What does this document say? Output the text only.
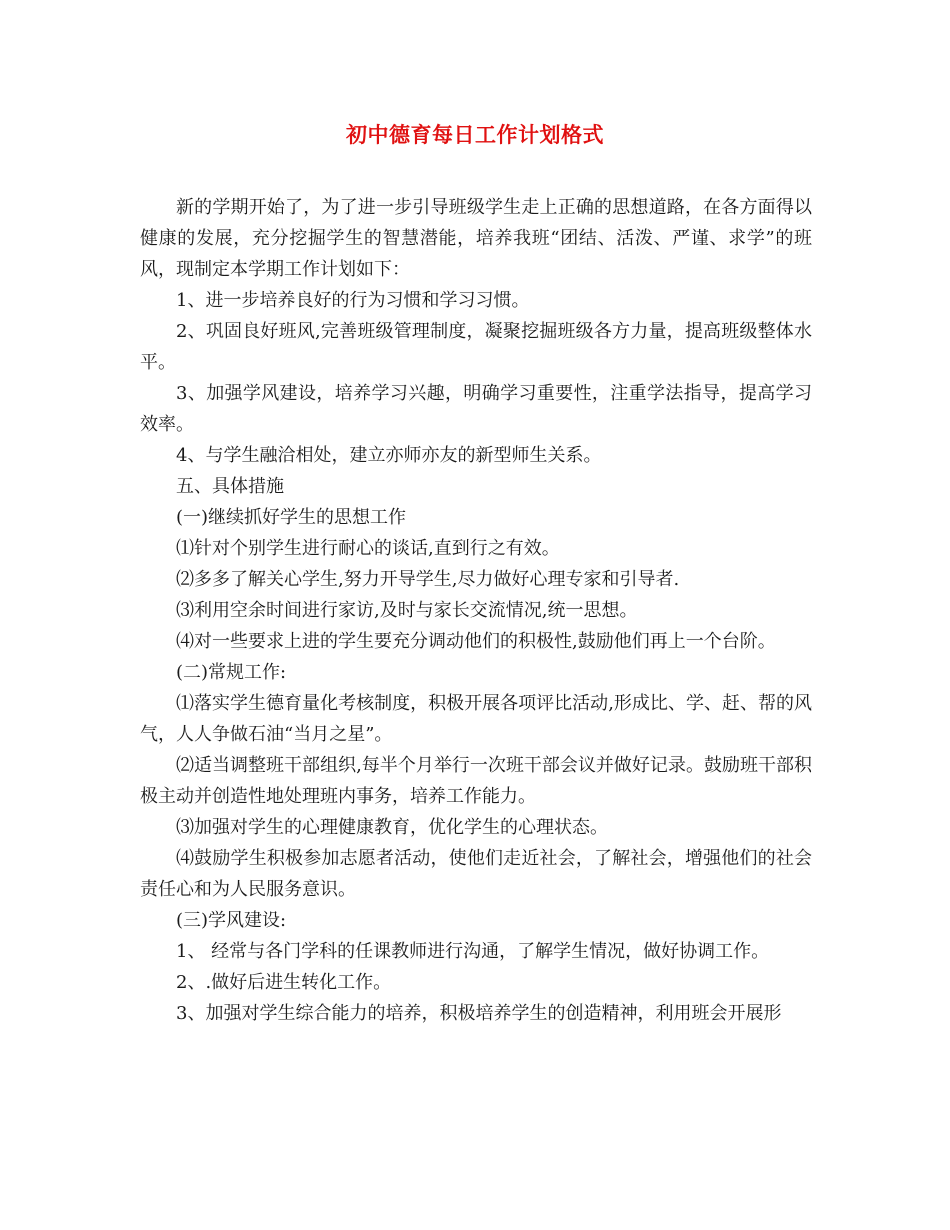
初中德育每日工作计划格式

新的学期开始了，为了进一步引导班级学生走上正确的思想道路，在各方面得以健康的发展，充分挖掘学生的智慧潜能，培养我班“团结、活泼、严谨、求学”的班风，现制定本学期工作计划如下：

1、进一步培养良好的行为习惯和学习习惯。

2、巩固良好班风,完善班级管理制度，凝聚挖掘班级各方力量，提高班级整体水平。

3、加强学风建设，培养学习兴趣，明确学习重要性，注重学法指导，提高学习效率。

4、与学生融洽相处，建立亦师亦友的新型师生关系。

五、具体措施

(一)继续抓好学生的思想工作

⑴针对个别学生进行耐心的谈话,直到行之有效。

⑵多多了解关心学生,努力开导学生,尽力做好心理专家和引导者.

⑶利用空余时间进行家访,及时与家长交流情况,统一思想。

⑷对一些要求上进的学生要充分调动他们的积极性,鼓励他们再上一个台阶。

(二)常规工作:

⑴落实学生德育量化考核制度，积极开展各项评比活动,形成比、学、赶、帮的风气，人人争做石油“当月之星”。

⑵适当调整班干部组织,每半个月举行一次班干部会议并做好记录。鼓励班干部积极主动并创造性地处理班内事务，培养工作能力。

⑶加强对学生的心理健康教育，优化学生的心理状态。

⑷鼓励学生积极参加志愿者活动，使他们走近社会，了解社会，增强他们的社会责任心和为人民服务意识。

(三)学风建设:

1、 经常与各门学科的任课教师进行沟通，了解学生情况，做好协调工作。

2、.做好后进生转化工作。

3、加强对学生综合能力的培养，积极培养学生的创造精神，利用班会开展形
